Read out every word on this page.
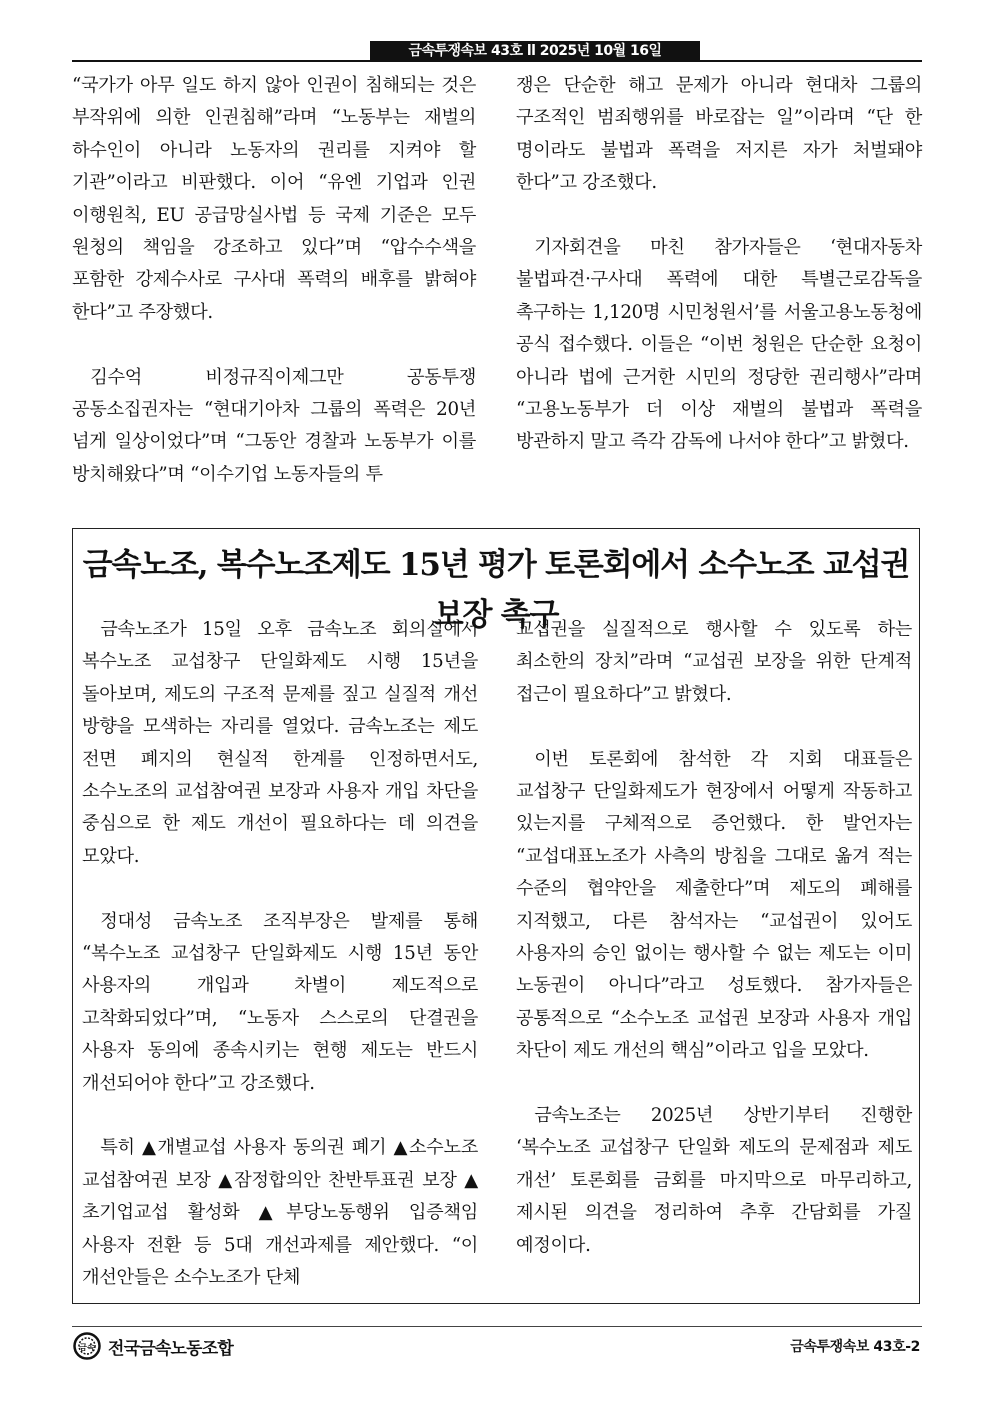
금속투쟁속보 43호 ll 2025년 10월 16일

“국가가 아무 일도 하지 않아 인권이 침해되는 것은 부작위에 의한 인권침해”라며 “노동부는 재벌의 하수인이 아니라 노동자의 권리를 지켜야 할 기관”이라고 비판했다. 이어 “유엔 기업과 인권 이행원칙, EU 공급망실사법 등 국제 기준은 모두 원청의 책임을 강조하고 있다”며 “압수수색을 포함한 강제수사로 구사대 폭력의 배후를 밝혀야 한다”고 주장했다.

김수억 비정규직이제그만 공동투쟁 공동소집권자는 “현대기아차 그룹의 폭력은 20년 넘게 일상이었다”며 “그동안 경찰과 노동부가 이를 방치해왔다”며 “이수기업 노동자들의 투

쟁은 단순한 해고 문제가 아니라 현대차 그룹의 구조적인 범죄행위를 바로잡는 일”이라며 “단 한 명이라도 불법과 폭력을 저지른 자가 처벌돼야 한다”고 강조했다.

기자회견을 마친 참가자들은 ‘현대자동차 불법파견·구사대 폭력에 대한 특별근로감독을 촉구하는 1,120명 시민청원서’를 서울고용노동청에 공식 접수했다. 이들은 “이번 청원은 단순한 요청이 아니라 법에 근거한 시민의 정당한 권리행사”라며 “고용노동부가 더 이상 재벌의 불법과 폭력을 방관하지 말고 즉각 감독에 나서야 한다”고 밝혔다.

금속노조, 복수노조제도 15년 평가 토론회에서 소수노조 교섭권 보장 촉구

금속노조가 15일 오후 금속노조 회의실에서 복수노조 교섭창구 단일화제도 시행 15년을 돌아보며, 제도의 구조적 문제를 짚고 실질적 개선 방향을 모색하는 자리를 열었다. 금속노조는 제도 전면 폐지의 현실적 한계를 인정하면서도, 소수노조의 교섭참여권 보장과 사용자 개입 차단을 중심으로 한 제도 개선이 필요하다는 데 의견을 모았다.

정대성 금속노조 조직부장은 발제를 통해 “복수노조 교섭창구 단일화제도 시행 15년 동안 사용자의 개입과 차별이 제도적으로 고착화되었다”며, “노동자 스스로의 단결권을 사용자 동의에 종속시키는 현행 제도는 반드시 개선되어야 한다”고 강조했다.

특히 ▲개별교섭 사용자 동의권 폐기 ▲소수노조 교섭참여권 보장 ▲잠정합의안 찬반투표권 보장 ▲초기업교섭 활성화 ▲부당노동행위 입증책임 사용자 전환 등 5대 개선과제를 제안했다. “이 개선안들은 소수노조가 단체

교섭권을 실질적으로 행사할 수 있도록 하는 최소한의 장치”라며 “교섭권 보장을 위한 단계적 접근이 필요하다”고 밝혔다.

이번 토론회에 참석한 각 지회 대표들은 교섭창구 단일화제도가 현장에서 어떻게 작동하고 있는지를 구체적으로 증언했다. 한 발언자는 “교섭대표노조가 사측의 방침을 그대로 옮겨 적는 수준의 협약안을 제출한다”며 제도의 폐해를 지적했고, 다른 참석자는 “교섭권이 있어도 사용자의 승인 없이는 행사할 수 없는 제도는 이미 노동권이 아니다”라고 성토했다. 참가자들은 공통적으로 “소수노조 교섭권 보장과 사용자 개입 차단이 제도 개선의 핵심”이라고 입을 모았다.

금속노조는 2025년 상반기부터 진행한 ‘복수노조 교섭창구 단일화 제도의 문제점과 제도 개선’ 토론회를 금회를 마지막으로 마무리하고, 제시된 의견을 정리하여 추후 간담회를 가질 예정이다.

금속 전국금속노동조합	금속투쟁속보 43호-2
